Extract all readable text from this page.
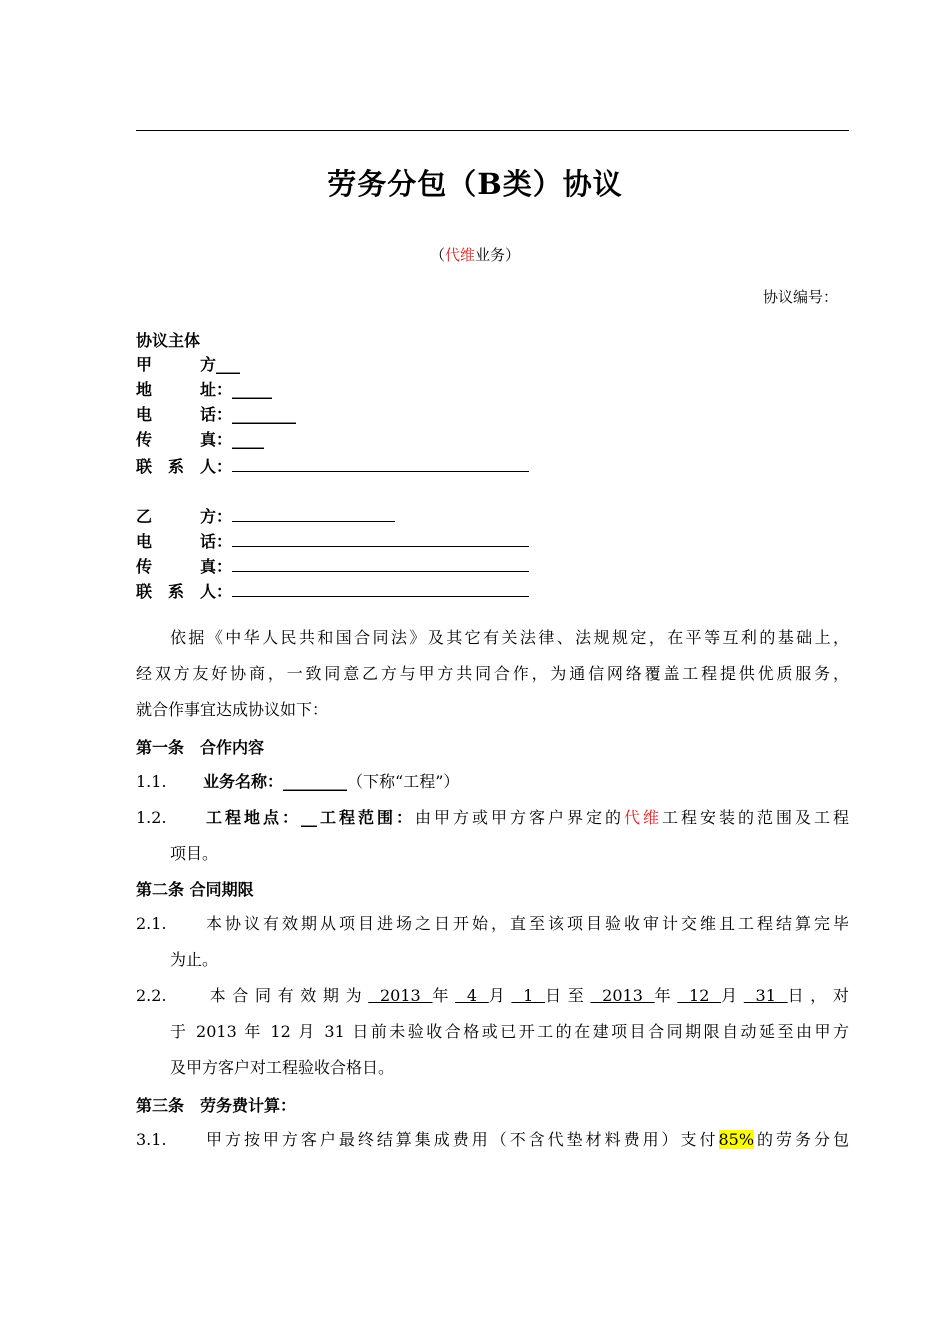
劳务分包（B类）协议
（代维业务）
协议编号：
协议主体
甲　　　方___
地　　　址：_____
电　　　话：________
传　　　真：____
联　系　人：
乙　　　方：
电　　　话：
传　　　真：
联　系　人：
依据《中华人民共和国合同法》及其它有关法律、法规规定，在平等互利的基础上，
经双方友好协商，一致同意乙方与甲方共同合作，为通信网络覆盖工程提供优质服务，
就合作事宜达成协议如下：
第一条　合作内容
1.1. 业务名称：________（下称“工程”）
1.2. 工程地点：__工程范围：由甲方或甲方客户界定的代维工程安装的范围及工程
项目。
第二条 合同期限
2.1. 本协议有效期从项目进场之日开始，直至该项目验收审计交维且工程结算完毕
为止。
2.2. 本合同有效期为 2013 年 4 月 1 日至 2013 年 12 月 31 日，对
于 2013 年 12 月 31 日前未验收合格或已开工的在建项目合同期限自动延至由甲方
及甲方客户对工程验收合格日。
第三条　劳务费计算：
3.1. 甲方按甲方客户最终结算集成费用（不含代垫材料费用）支付85%的劳务分包
